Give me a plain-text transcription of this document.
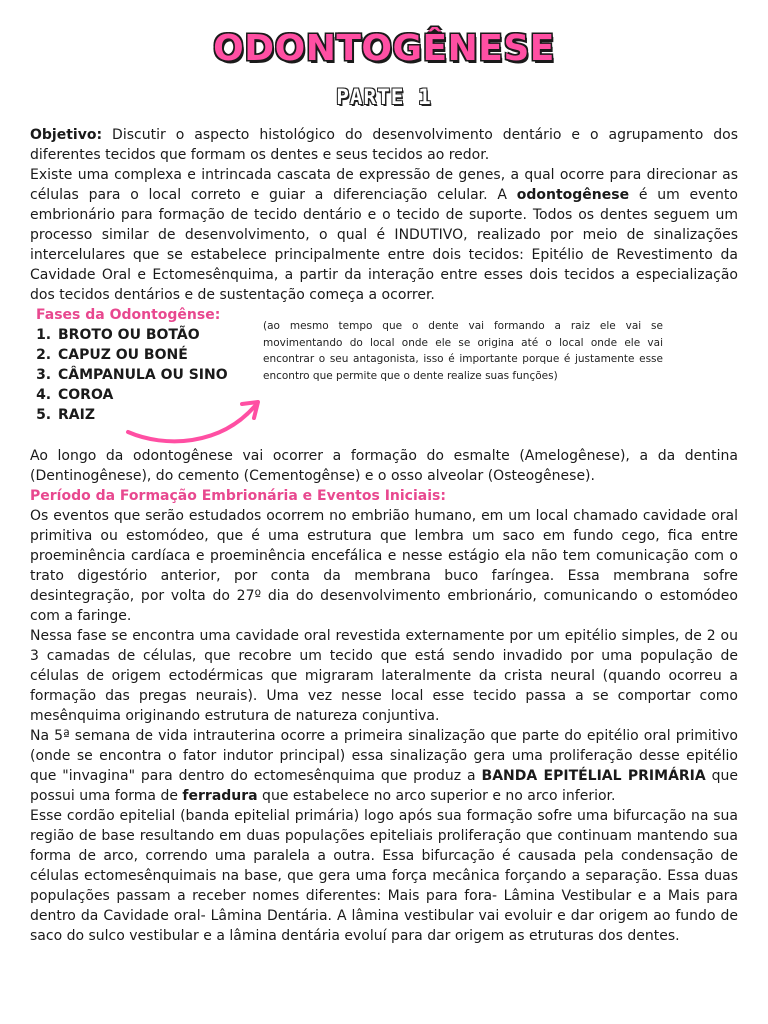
ODONTOGÊNESE
PARTE 1

Objetivo: Discutir o aspecto histológico do desenvolvimento dentário e o agrupamento dos diferentes tecidos que formam os dentes e seus tecidos ao redor.

Existe uma complexa e intrincada cascata de expressão de genes, a qual ocorre para direcionar as células para o local correto e guiar a diferenciação celular. A odontogênese é um evento embrionário para formação de tecido dentário e o tecido de suporte. Todos os dentes seguem um processo similar de desenvolvimento, o qual é INDUTIVO, realizado por meio de sinalizações intercelulares que se estabelece principalmente entre dois tecidos: Epitélio de Revestimento da Cavidade Oral e Ectomesênquima, a partir da interação entre esses dois tecidos a especialização dos tecidos dentários e de sustentação começa a ocorrer.

Fases da Odontogênse:
1. BROTO OU BOTÃO
2. CAPUZ OU BONÉ
3. CÂMPANULA OU SINO
4. COROA
5. RAIZ
(ao mesmo tempo que o dente vai formando a raiz ele vai se movimentando do local onde ele se origina até o local onde ele vai encontrar o seu antagonista, isso é importante porque é justamente esse encontro que permite que o dente realize suas funções)

Ao longo da odontogênese vai ocorrer a formação do esmalte (Amelogênese), a da dentina (Dentinogênese), do cemento (Cementogênse) e o osso alveolar (Osteogênese).

Período da Formação Embrionária e Eventos Iniciais:

Os eventos que serão estudados ocorrem no embrião humano, em um local chamado cavidade oral primitiva ou estomódeo, que é uma estrutura que lembra um saco em fundo cego, fica entre proeminência cardíaca e proeminência encefálica e nesse estágio ela não tem comunicação com o trato digestório anterior, por conta da membrana buco faríngea. Essa membrana sofre desintegração, por volta do 27º dia do desenvolvimento embrionário, comunicando o estomódeo com a faringe.

Nessa fase se encontra uma cavidade oral revestida externamente por um epitélio simples, de 2 ou 3 camadas de células, que recobre um tecido que está sendo invadido por uma população de células de origem ectodérmicas que migraram lateralmente da crista neural (quando ocorreu a formação das pregas neurais). Uma vez nesse local esse tecido passa a se comportar como mesênquima originando estrutura de natureza conjuntiva.

Na 5ª semana de vida intrauterina ocorre a primeira sinalização que parte do epitélio oral primitivo (onde se encontra o fator indutor principal) essa sinalização gera uma proliferação desse epitélio que "invagina" para dentro do ectomesênquima que produz a BANDA EPITÉLIAL PRIMÁRIA que possui uma forma de ferradura que estabelece no arco superior e no arco inferior.

Esse cordão epitelial (banda epitelial primária) logo após sua formação sofre uma bifurcação na sua região de base resultando em duas populações epiteliais proliferação que continuam mantendo sua forma de arco, correndo uma paralela a outra. Essa bifurcação é causada pela condensação de células ectomesênquimais na base, que gera uma força mecânica forçando a separação. Essa duas populações passam a receber nomes diferentes: Mais para fora- Lâmina Vestibular e a Mais para dentro da Cavidade oral- Lâmina Dentária. A lâmina vestibular vai evoluir e dar origem ao fundo de saco do sulco vestibular e a lâmina dentária evoluí para dar origem as etruturas dos dentes.
